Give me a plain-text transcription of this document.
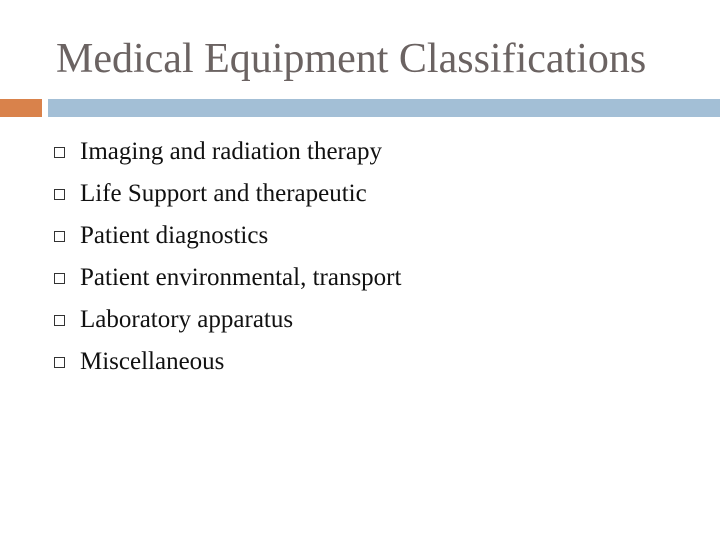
Medical Equipment Classifications
Imaging and radiation therapy
Life Support and therapeutic
Patient diagnostics
Patient environmental, transport
Laboratory apparatus
Miscellaneous
